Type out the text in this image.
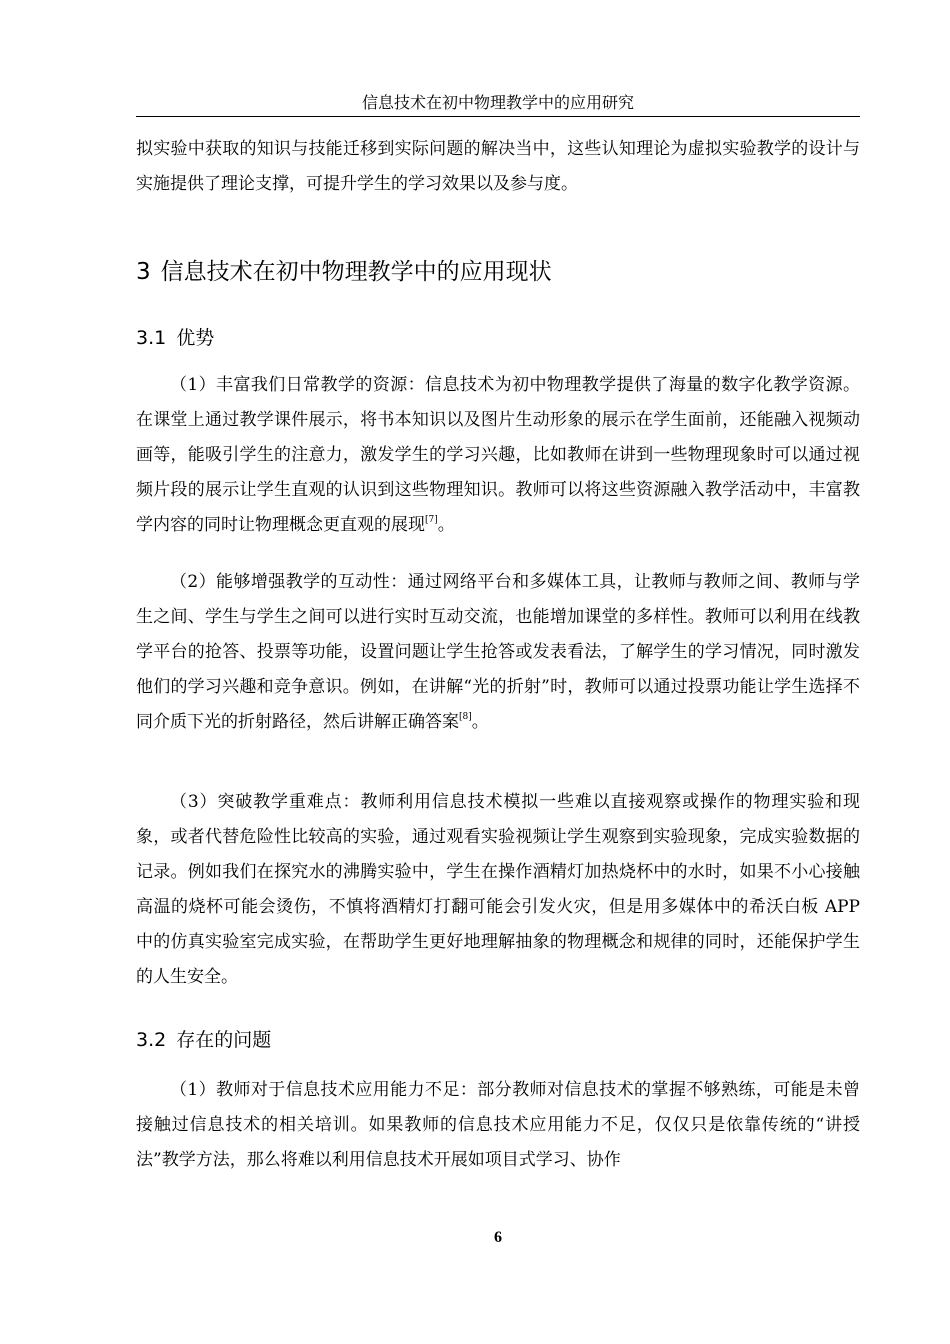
信息技术在初中物理教学中的应用研究

拟实验中获取的知识与技能迁移到实际问题的解决当中，这些认知理论为虚拟实验教学的设计与实施提供了理论支撑，可提升学生的学习效果以及参与度。

3 信息技术在初中物理教学中的应用现状
3.1 优势

（1）丰富我们日常教学的资源：信息技术为初中物理教学提供了海量的数字化教学资源。在课堂上通过教学课件展示，将书本知识以及图片生动形象的展示在学生面前，还能融入视频动画等，能吸引学生的注意力，激发学生的学习兴趣，比如教师在讲到一些物理现象时可以通过视频片段的展示让学生直观的认识到这些物理知识。教师可以将这些资源融入教学活动中，丰富教学内容的同时让物理概念更直观的展现[7]。

（2）能够增强教学的互动性：通过网络平台和多媒体工具，让教师与教师之间、教师与学生之间、学生与学生之间可以进行实时互动交流，也能增加课堂的多样性。教师可以利用在线教学平台的抢答、投票等功能，设置问题让学生抢答或发表看法，了解学生的学习情况，同时激发他们的学习兴趣和竞争意识。例如，在讲解“光的折射”时，教师可以通过投票功能让学生选择不同介质下光的折射路径，然后讲解正确答案[8]。

（3）突破教学重难点：教师利用信息技术模拟一些难以直接观察或操作的物理实验和现象，或者代替危险性比较高的实验，通过观看实验视频让学生观察到实验现象，完成实验数据的记录。例如我们在探究水的沸腾实验中，学生在操作酒精灯加热烧杯中的水时，如果不小心接触高温的烧杯可能会烫伤，不慎将酒精灯打翻可能会引发火灾，但是用多媒体中的希沃白板 APP 中的仿真实验室完成实验，在帮助学生更好地理解抽象的物理概念和规律的同时，还能保护学生的人生安全。

3.2 存在的问题

（1）教师对于信息技术应用能力不足：部分教师对信息技术的掌握不够熟练，可能是未曾接触过信息技术的相关培训。如果教师的信息技术应用能力不足，仅仅只是依靠传统的“讲授法”教学方法，那么将难以利用信息技术开展如项目式学习、协作

6
